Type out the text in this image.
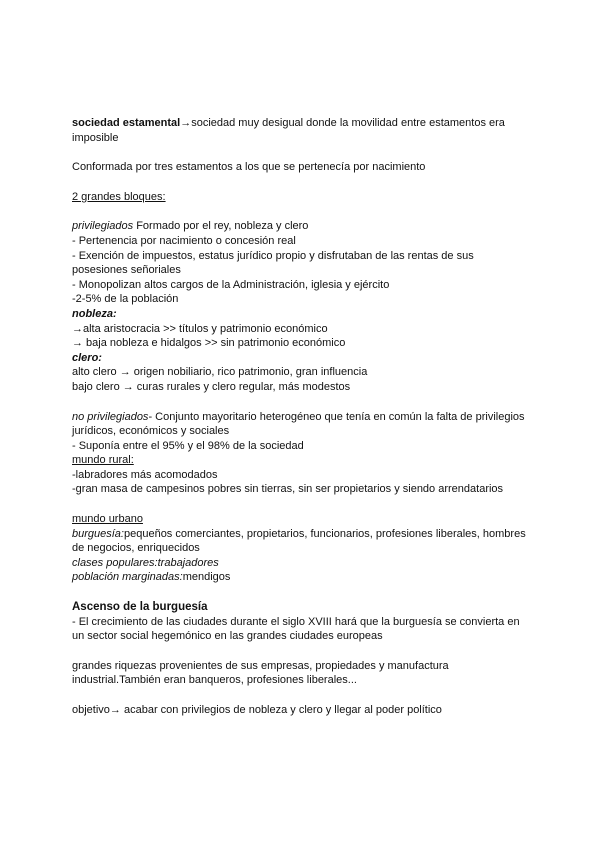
sociedad estamental→sociedad muy desigual donde la movilidad entre estamentos era imposible
Conformada por tres estamentos a los que se pertenecía por nacimiento
2 grandes bloques:
privilegiados Formado por el rey, nobleza y clero
- Pertenencia por nacimiento o concesión real
- Exención de impuestos, estatus jurídico propio y disfrutaban de las rentas de sus posesiones señoriales
- Monopolizan altos cargos de la Administración, iglesia y ejército
-2-5% de la población
nobleza:
→alta aristocracia >> títulos y patrimonio económico
→ baja nobleza e hidalgos >> sin patrimonio económico
clero:
alto clero → origen nobiliario, rico patrimonio, gran influencia
bajo clero → curas rurales y clero regular, más modestos
no privilegiados- Conjunto mayoritario heterogéneo que tenía en común la falta de privilegios jurídicos, económicos y sociales
- Suponía entre el 95% y el 98% de la sociedad
mundo rural:
-labradores más acomodados
-gran masa de campesinos pobres sin tierras, sin ser propietarios y siendo arrendatarios
mundo urbano
burguesía:pequeños comerciantes, propietarios, funcionarios, profesiones liberales, hombres de negocios, enriquecidos
clases populares:trabajadores
población marginadas:mendigos
Ascenso de la burguesía
- El crecimiento de las ciudades durante el siglo XVIII hará que la burguesía se convierta en un sector social hegemónico en las grandes ciudades europeas
grandes riquezas provenientes de sus empresas, propiedades y manufactura industrial.También eran banqueros, profesiones liberales...
objetivo→ acabar con privilegios de nobleza y clero y llegar al poder político
